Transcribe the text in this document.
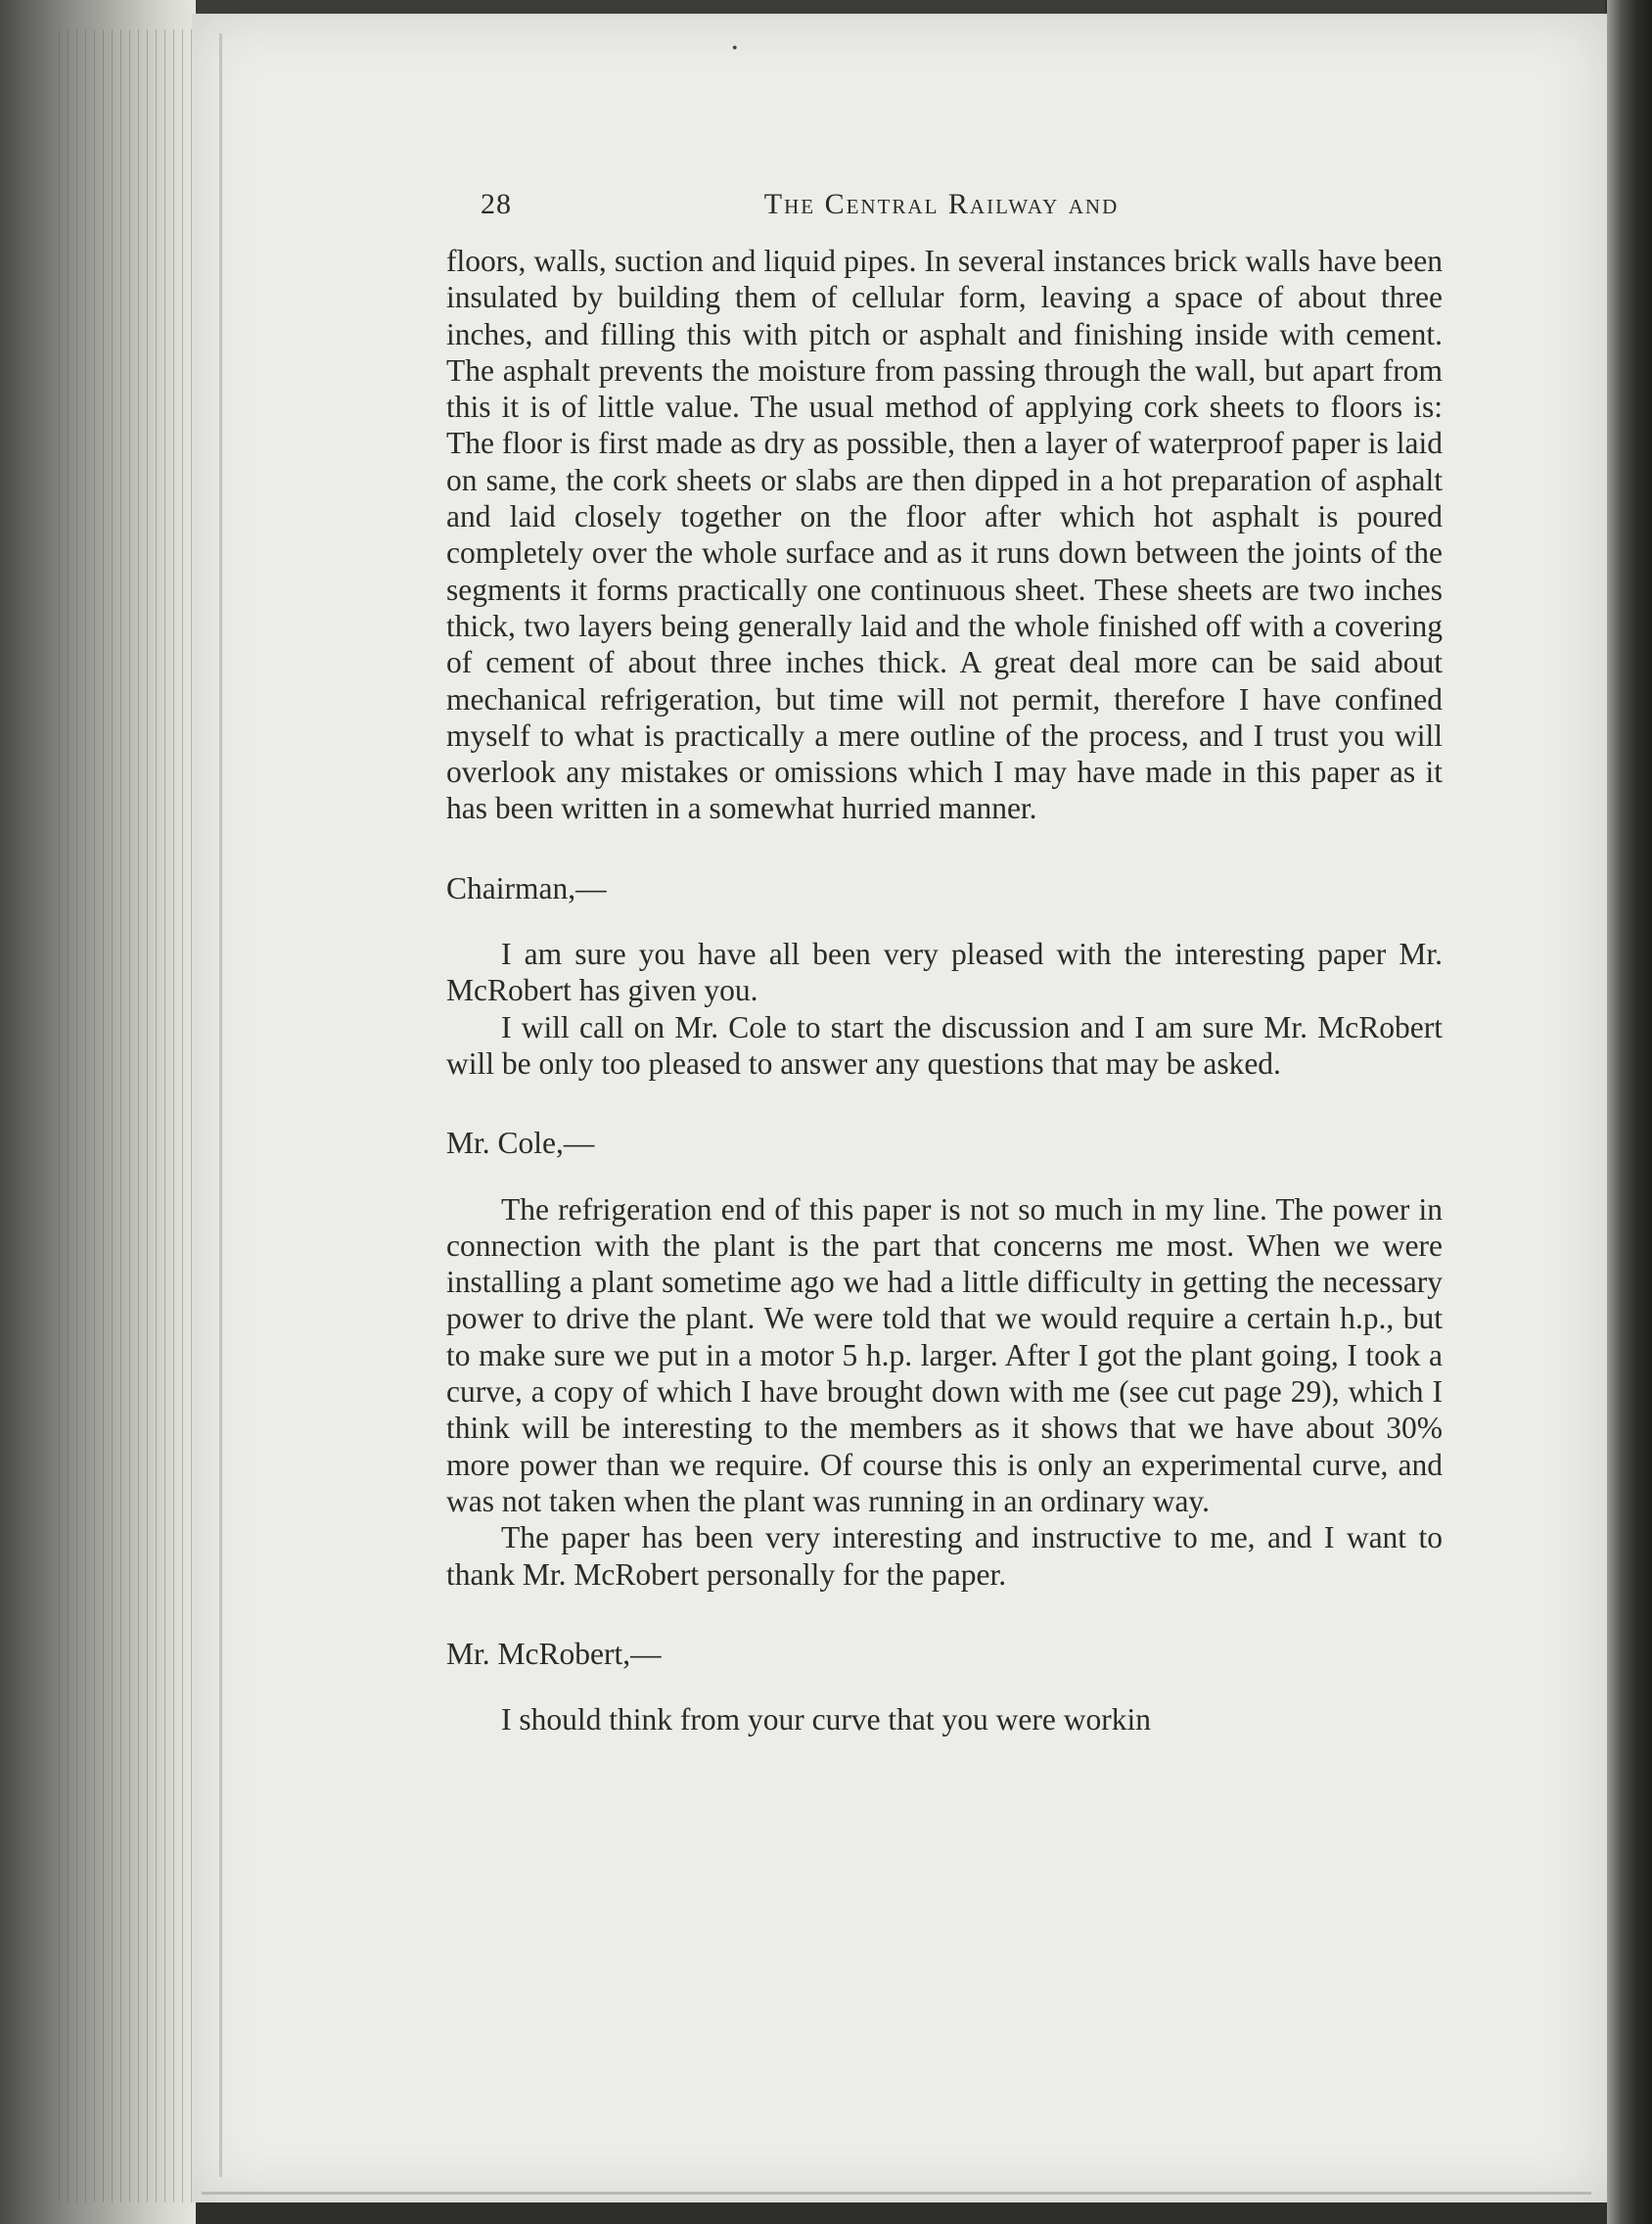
·
28	The Central Railway and

floors, walls, suction and liquid pipes. In several instances brick walls have been insulated by building them of cellular form, leaving a space of about three inches, and filling this with pitch or asphalt and finishing inside with cement. The asphalt prevents the moisture from passing through the wall, but apart from this it is of little value. The usual method of applying cork sheets to floors is: The floor is first made as dry as possible, then a layer of waterproof paper is laid on same, the cork sheets or slabs are then dipped in a hot preparation of asphalt and laid closely together on the floor after which hot asphalt is poured completely over the whole surface and as it runs down between the joints of the segments it forms practically one continuous sheet. These sheets are two inches thick, two layers being generally laid and the whole finished off with a covering of cement of about three inches thick. A great deal more can be said about mechanical refrigeration, but time will not permit, therefore I have confined myself to what is practically a mere outline of the process, and I trust you will overlook any mistakes or omissions which I may have made in this paper as it has been written in a somewhat hurried manner.

Chairman,—

I am sure you have all been very pleased with the interesting paper Mr. McRobert has given you.

I will call on Mr. Cole to start the discussion and I am sure Mr. McRobert will be only too pleased to answer any questions that may be asked.

Mr. Cole,—

The refrigeration end of this paper is not so much in my line. The power in connection with the plant is the part that concerns me most. When we were installing a plant sometime ago we had a little difficulty in getting the necessary power to drive the plant. We were told that we would require a certain h.p., but to make sure we put in a motor 5 h.p. larger. After I got the plant going, I took a curve, a copy of which I have brought down with me (see cut page 29), which I think will be interesting to the members as it shows that we have about 30% more power than we require. Of course this is only an experimental curve, and was not taken when the plant was running in an ordinary way.

The paper has been very interesting and instructive to me, and I want to thank Mr. McRobert personally for the paper.

Mr. McRobert,—

I should think from your curve that you were workin
